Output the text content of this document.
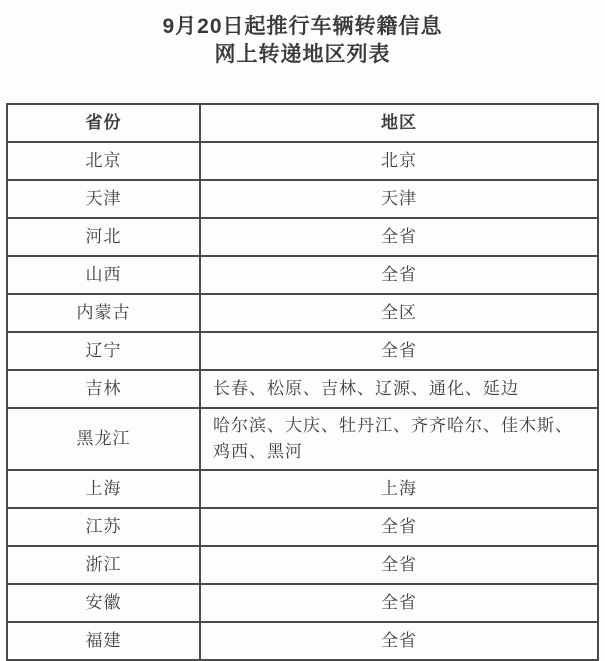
9月20日起推行车辆转籍信息
网上转递地区列表
省份	地区
北京	北京
天津	天津
河北	全省
山西	全省
内蒙古	全区
辽宁	全省
吉林	长春、松原、吉林、辽源、通化、延边
黑龙江	哈尔滨、大庆、牡丹江、齐齐哈尔、佳木斯、鸡西、黑河
上海	上海
江苏	全省
浙江	全省
安徽	全省
福建	全省
